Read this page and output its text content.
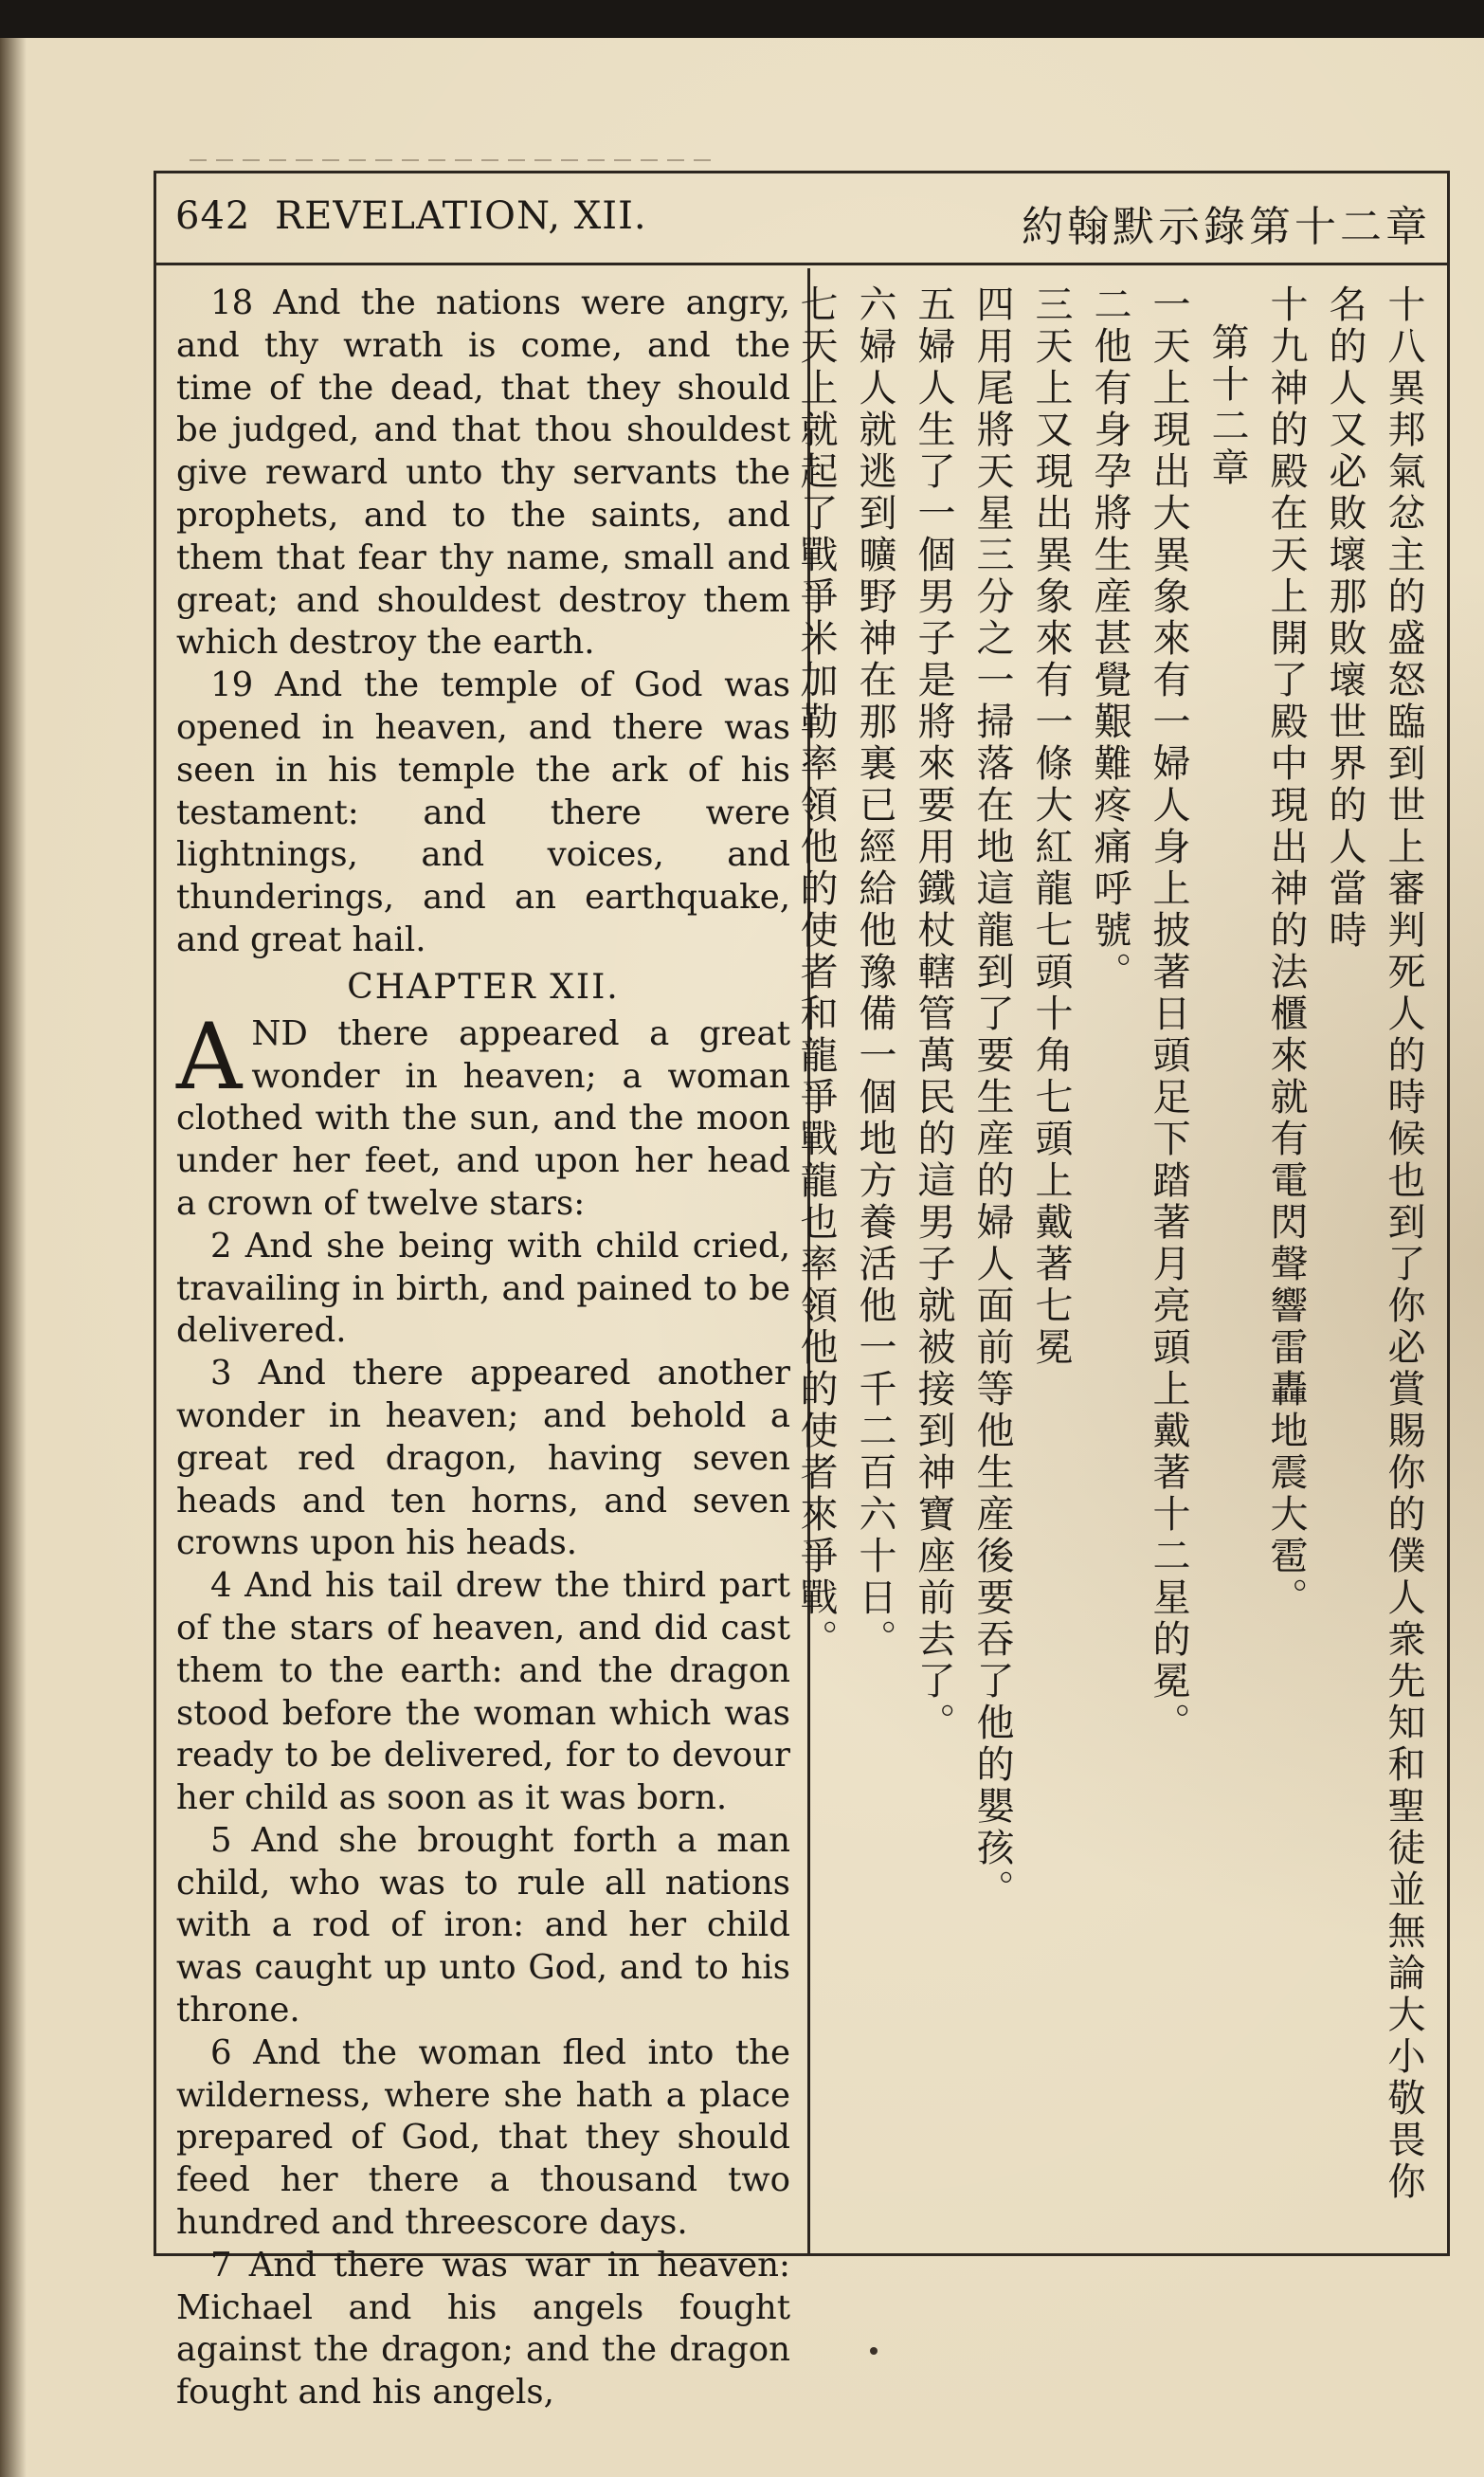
642 REVELATION, XII.	約翰默示錄第十二章

18 And the nations were angry, and thy wrath is come, and the time of the dead, that they should be judged, and that thou shouldest give reward unto thy servants the prophets, and to the saints, and them that fear thy name, small and great; and shouldest destroy them which destroy the earth.

19 And the temple of God was opened in heaven, and there was seen in his temple the ark of his testament: and there were lightnings, and voices, and thunderings, and an earthquake, and great hail.

CHAPTER XII.

AND there appeared a great wonder in heaven; a woman clothed with the sun, and the moon under her feet, and upon her head a crown of twelve stars:

2 And she being with child cried, travailing in birth, and pained to be delivered.

3 And there appeared another wonder in heaven; and behold a great red dragon, having seven heads and ten horns, and seven crowns upon his heads.

4 And his tail drew the third part of the stars of heaven, and did cast them to the earth: and the dragon stood before the woman which was ready to be delivered, for to devour her child as soon as it was born.

5 And she brought forth a man child, who was to rule all nations with a rod of iron: and her child was caught up unto God, and to his throne.

6 And the woman fled into the wilderness, where she hath a place prepared of God, that they should feed her there a thousand two hundred and threescore days.

7 And there was war in heaven: Michael and his angels fought against the dragon; and the dragon fought and his angels,

十八異邦氣忿主的盛怒臨到世上審判死人的時候也到了你必賞賜你的僕人衆先知和聖徒並無論大小敬畏你名的人又必敗壞那敗壞世界的人當時

十九神的殿在天上開了殿中現出神的法櫃來就有電閃聲響雷轟地震大雹。

第十二章

一天上現出大異象來有一婦人身上披著日頭足下踏著月亮頭上戴著十二星的冕。

二他有身孕將生産甚覺艱難疼痛呼號。

三天上又現出異象來有一條大紅龍七頭十角七頭上戴著七冕

四用尾將天星三分之一掃落在地這龍到了要生産的婦人面前等他生産後要吞了他的嬰孩。

五婦人生了一個男子是將來要用鐵杖轄管萬民的這男子就被接到神寶座前去了。

六婦人就逃到曠野神在那裏已經給他豫備一個地方養活他一千二百六十日。

七天上就起了戰爭米加勒率領他的使者和龍爭戰龍也率領他的使者來爭戰。
